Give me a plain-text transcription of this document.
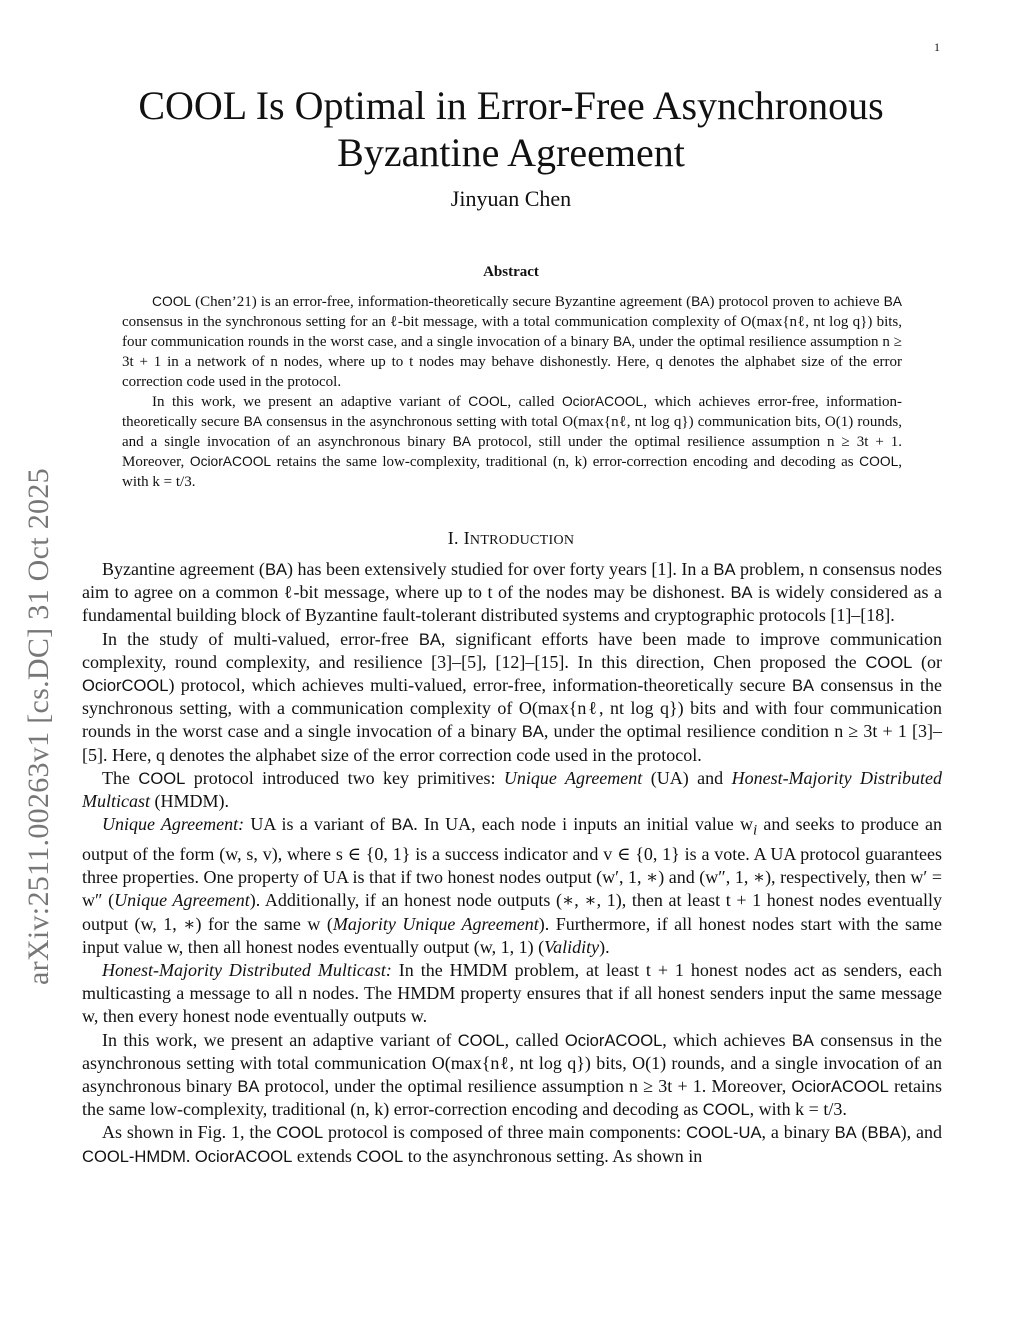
1
arXiv:2511.00263v1 [cs.DC] 31 Oct 2025
COOL Is Optimal in Error-Free Asynchronous Byzantine Agreement
Jinyuan Chen
Abstract

COOL (Chen’21) is an error-free, information-theoretically secure Byzantine agreement (BA) protocol proven to achieve BA consensus in the synchronous setting for an ℓ-bit message, with a total communication complexity of O(max{nℓ, nt log q}) bits, four communication rounds in the worst case, and a single invocation of a binary BA, under the optimal resilience assumption n ≥ 3t + 1 in a network of n nodes, where up to t nodes may behave dishonestly. Here, q denotes the alphabet size of the error correction code used in the protocol.

In this work, we present an adaptive variant of COOL, called OciorACOOL, which achieves error-free, information-theoretically secure BA consensus in the asynchronous setting with total O(max{nℓ, nt log q}) communication bits, O(1) rounds, and a single invocation of an asynchronous binary BA protocol, still under the optimal resilience assumption n ≥ 3t + 1. Moreover, OciorACOOL retains the same low-complexity, traditional (n, k) error-correction encoding and decoding as COOL, with k = t/3.

I. INTRODUCTION

Byzantine agreement (BA) has been extensively studied for over forty years [1]. In a BA problem, n consensus nodes aim to agree on a common ℓ-bit message, where up to t of the nodes may be dishonest. BA is widely considered as a fundamental building block of Byzantine fault-tolerant distributed systems and cryptographic protocols [1]–[18].

In the study of multi-valued, error-free BA, significant efforts have been made to improve communication complexity, round complexity, and resilience [3]–[5], [12]–[15]. In this direction, Chen proposed the COOL (or OciorCOOL) protocol, which achieves multi-valued, error-free, information-theoretically secure BA consensus in the synchronous setting, with a communication complexity of O(max{nℓ, nt log q}) bits and with four communication rounds in the worst case and a single invocation of a binary BA, under the optimal resilience condition n ≥ 3t + 1 [3]–[5]. Here, q denotes the alphabet size of the error correction code used in the protocol.

The COOL protocol introduced two key primitives: Unique Agreement (UA) and Honest-Majority Distributed Multicast (HMDM).

Unique Agreement: UA is a variant of BA. In UA, each node i inputs an initial value $w_i$ and seeks to produce an output of the form (w, s, v), where s ∈ {0, 1} is a success indicator and v ∈ {0, 1} is a vote. A UA protocol guarantees three properties. One property of UA is that if two honest nodes output (w′, 1, ∗) and (w″, 1, ∗), respectively, then w′ = w″ (Unique Agreement). Additionally, if an honest node outputs (∗, ∗, 1), then at least t + 1 honest nodes eventually output (w, 1, ∗) for the same w (Majority Unique Agreement). Furthermore, if all honest nodes start with the same input value w, then all honest nodes eventually output (w, 1, 1) (Validity).

Honest-Majority Distributed Multicast: In the HMDM problem, at least t + 1 honest nodes act as senders, each multicasting a message to all n nodes. The HMDM property ensures that if all honest senders input the same message w, then every honest node eventually outputs w.

In this work, we present an adaptive variant of COOL, called OciorACOOL, which achieves BA consensus in the asynchronous setting with total communication O(max{nℓ, nt log q}) bits, O(1) rounds, and a single invocation of an asynchronous binary BA protocol, under the optimal resilience assumption n ≥ 3t + 1. Moreover, OciorACOOL retains the same low-complexity, traditional (n, k) error-correction encoding and decoding as COOL, with k = t/3.

As shown in Fig. 1, the COOL protocol is composed of three main components: COOL-UA, a binary BA (BBA), and COOL-HMDM. OciorACOOL extends COOL to the asynchronous setting. As shown in
